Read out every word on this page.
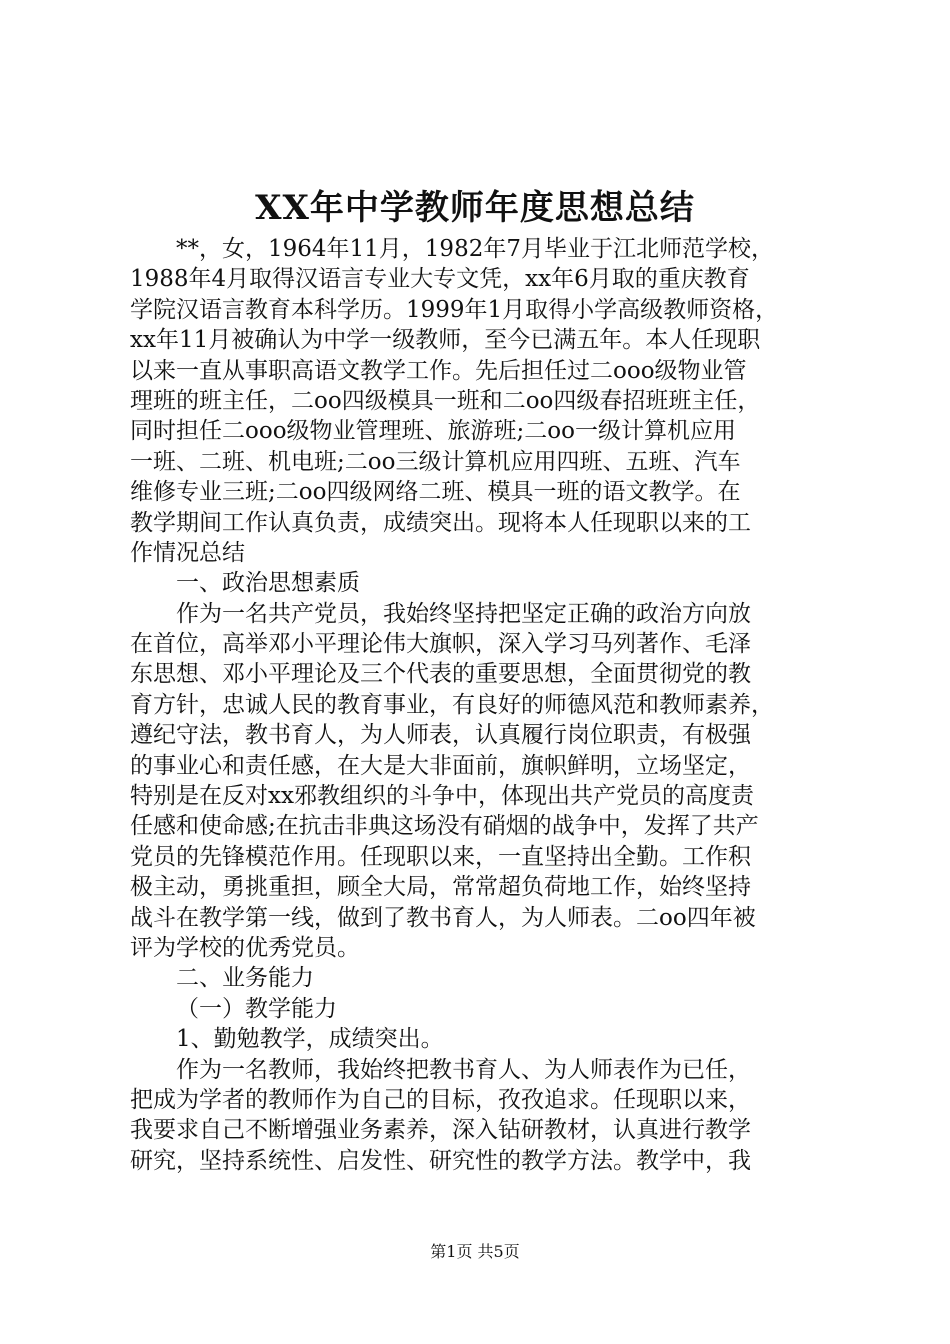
XX年中学教师年度思想总结
**，女，1964年11月，1982年7月毕业于江北师范学校，
1988年4月取得汉语言专业大专文凭，xx年6月取的重庆教育
学院汉语言教育本科学历。1999年1月取得小学高级教师资格，
xx年11月被确认为中学一级教师，至今已满五年。本人任现职
以来一直从事职高语文教学工作。先后担任过二ooo级物业管
理班的班主任，二oo四级模具一班和二oo四级春招班班主任，
同时担任二ooo级物业管理班、旅游班;二oo一级计算机应用
一班、二班、机电班;二oo三级计算机应用四班、五班、汽车
维修专业三班;二oo四级网络二班、模具一班的语文教学。在
教学期间工作认真负责，成绩突出。现将本人任现职以来的工
作情况总结
一、政治思想素质
作为一名共产党员，我始终坚持把坚定正确的政治方向放
在首位，高举邓小平理论伟大旗帜，深入学习马列著作、毛泽
东思想、邓小平理论及三个代表的重要思想，全面贯彻党的教
育方针，忠诚人民的教育事业，有良好的师德风范和教师素养，
遵纪守法，教书育人，为人师表，认真履行岗位职责，有极强
的事业心和责任感，在大是大非面前，旗帜鲜明，立场坚定，
特别是在反对xx邪教组织的斗争中，体现出共产党员的高度责
任感和使命感;在抗击非典这场没有硝烟的战争中，发挥了共产
党员的先锋模范作用。任现职以来，一直坚持出全勤。工作积
极主动，勇挑重担，顾全大局，常常超负荷地工作，始终坚持
战斗在教学第一线，做到了教书育人，为人师表。二oo四年被
评为学校的优秀党员。
二、业务能力
（一）教学能力
1、勤勉教学，成绩突出。
作为一名教师，我始终把教书育人、为人师表作为已任，
把成为学者的教师作为自己的目标，孜孜追求。任现职以来，
我要求自己不断增强业务素养，深入钻研教材，认真进行教学
研究，坚持系统性、启发性、研究性的教学方法。教学中，我
第1页 共5页
